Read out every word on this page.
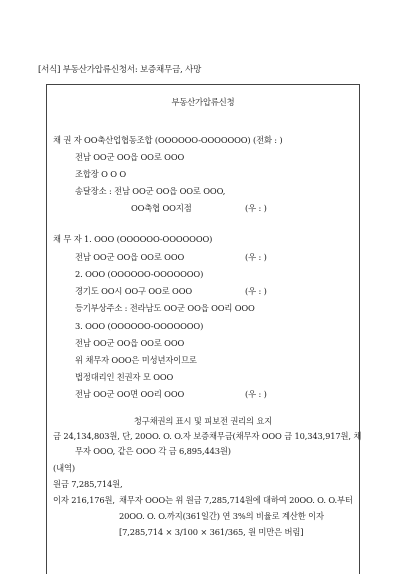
[서식] 부동산가압류신청서: 보증채무금, 사망
부동산가압류신청
채 권 자 OO축산업협동조합 (OOOOOO-OOOOOOO) (전화 : )
전남 OO군 OO읍 OO로 OOO
조합장 O O O
송달장소 : 전남 OO군 OO읍 OO로 OOO,
OO축협 OO지점	(우 : )
채 무 자 1. OOO (OOOOOO-OOOOOOO)
전남 OO군 OO읍 OO로 OOO	(우 : )
2. OOO (OOOOOO-OOOOOOO)
경기도 OO시 OO구 OO로 OOO	(우 : )
등기부상주소 : 전라남도 OO군 OO읍 OO리 OOO
3. OOO (OOOOOO-OOOOOOO)
전남 OO군 OO읍 OO로 OOO
위 채무자 OOO은 미성년자이므로
법정대리인 친권자 모 OOO
전남 OO군 OO면 OO리 OOO	(우 : )
청구채권의 표시 및 피보전 권리의 요지
금 24,134,803원, 단, 20OO. O. O.자 보증채무금(채무자 OOO 금 10,343,917원, 채
무자 OOO, 같은 OOO 각 금 6,895,443원)
(내역)
원금 7,285,714원,
이자 216,176원, 채무자 OOO는 위 원금 7,285,714원에 대하여 20OO. O. O.부터
20OO. O. O.까지(361일간) 연 3%의 비율로 계산한 이자
[7,285,714 × 3/100 × 361/365, 원 미만은 버림]
